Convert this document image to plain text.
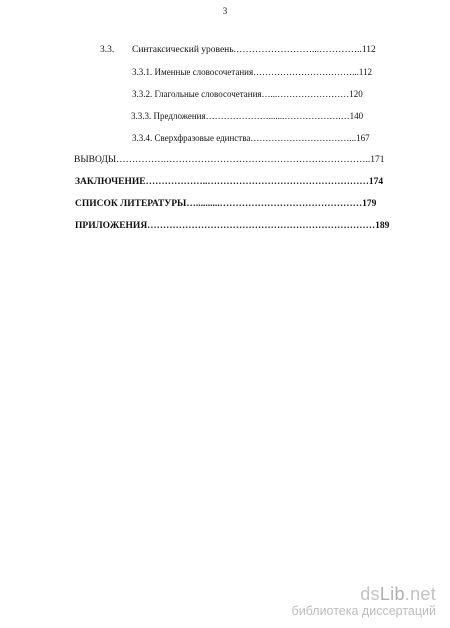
3
3.3. Синтаксический уровень.……………………...…………..112
3.3.1. Именные словосочетания……………………………...112
3.3.2. Глагольные словосочетания…...……………………120
3.3.3. Предложения………………….......……………….…140
3.3.4. Сверхфразовые единства……………………………...167
ВЫВОДЫ…………….………………………………………………………..171
ЗАКЛЮЧЕНИЕ………………..……………………………………………174
СПИСОК ЛИТЕРАТУРЫ…..........………………………………………179
ПРИЛОЖЕНИЯ………………………………………………………………189
dsLib.net
библиотека диссертаций
